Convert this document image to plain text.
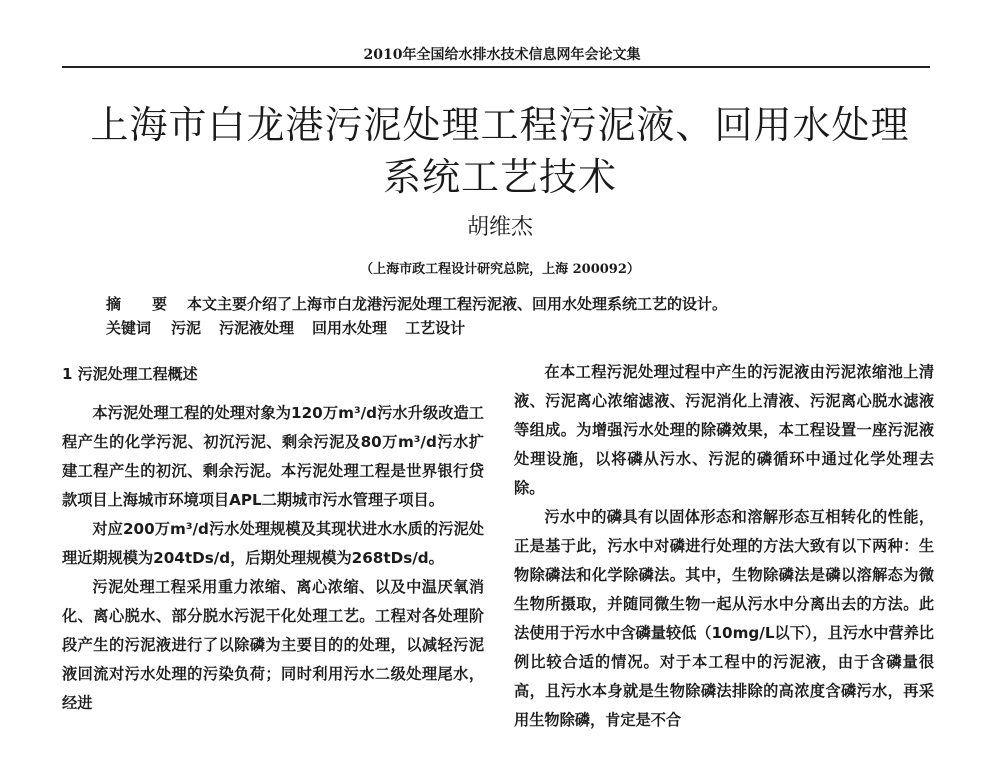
2010年全国给水排水技术信息网年会论文集
上海市白龙港污泥处理工程污泥液、回用水处理
系统工艺技术
胡维杰
（上海市政工程设计研究总院，上海 200092）
摘　要 本文主要介绍了上海市白龙港污泥处理工程污泥液、回用水处理系统工艺的设计。
关键词 污泥 污泥液处理 回用水处理 工艺设计
1 污泥处理工程概述

本污泥处理工程的处理对象为120万m³/d污水升级改造工程产生的化学污泥、初沉污泥、剩余污泥及80万m³/d污水扩建工程产生的初沉、剩余污泥。本污泥处理工程是世界银行贷款项目上海城市环境项目APL二期城市污水管理子项目。

对应200万m³/d污水处理规模及其现状进水水质的污泥处理近期规模为204tDs/d，后期处理规模为268tDs/d。

污泥处理工程采用重力浓缩、离心浓缩、以及中温厌氧消化、离心脱水、部分脱水污泥干化处理工艺。工程对各处理阶段产生的污泥液进行了以除磷为主要目的的处理，以减轻污泥液回流对污水处理的污染负荷；同时利用污水二级处理尾水，经进

在本工程污泥处理过程中产生的污泥液由污泥浓缩池上清液、污泥离心浓缩滤液、污泥消化上清液、污泥离心脱水滤液等组成。为增强污水处理的除磷效果，本工程设置一座污泥液处理设施，以将磷从污水、污泥的磷循环中通过化学处理去除。

污水中的磷具有以固体形态和溶解形态互相转化的性能，正是基于此，污水中对磷进行处理的方法大致有以下两种：生物除磷法和化学除磷法。其中，生物除磷法是磷以溶解态为微生物所摄取，并随同微生物一起从污水中分离出去的方法。此法使用于污水中含磷量较低（10mg/L以下），且污水中营养比例比较合适的情况。对于本工程中的污泥液，由于含磷量很高，且污水本身就是生物除磷法排除的高浓度含磷污水，再采用生物除磷，肯定是不合
